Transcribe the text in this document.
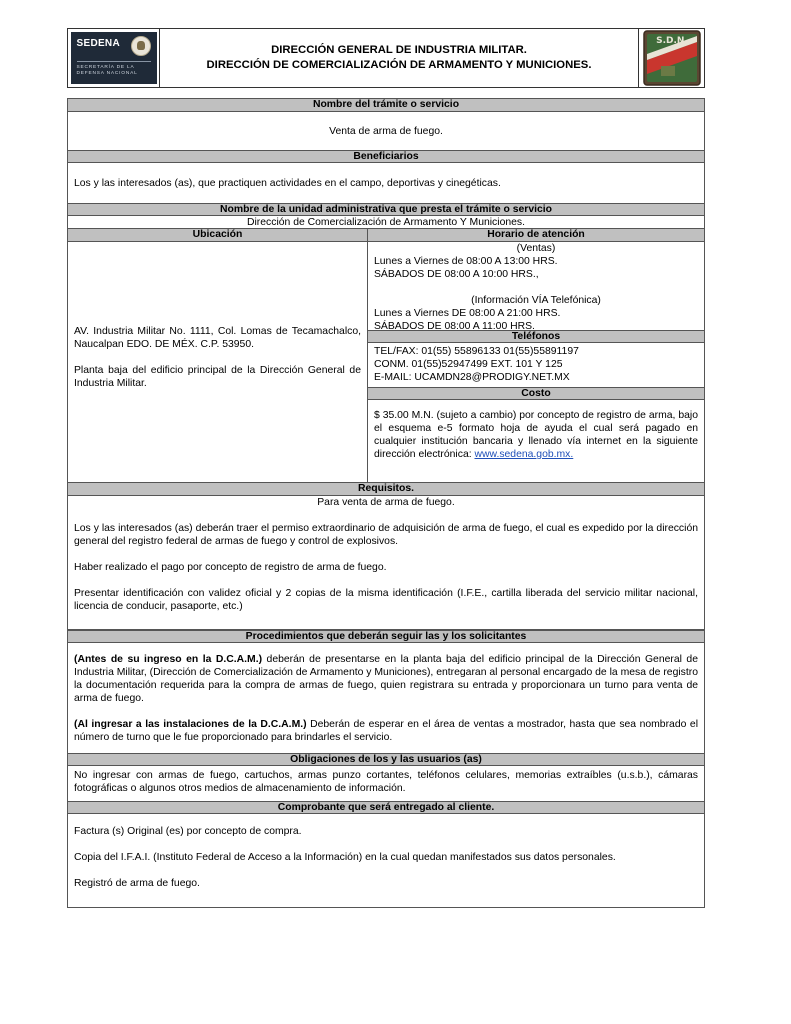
SEDENA
SECRETARÍA DE LA
DEFENSA NACIONAL
DIRECCIÓN GENERAL DE INDUSTRIA MILITAR.
DIRECCIÓN DE COMERCIALIZACIÓN DE ARMAMENTO Y MUNICIONES.
S.D.N.
Nombre del trámite o servicio
Venta de arma de fuego.
Beneficiarios
Los y las interesados (as), que practiquen actividades en el campo, deportivas y cinegéticas.
Nombre de la unidad administrativa que presta el trámite o servicio
Dirección de Comercialización de Armamento Y Municiones.
Ubicación

AV. Industria Militar No. 1111, Col. Lomas de Tecamachalco, Naucalpan EDO. DE MÉX. C.P. 53950.

Planta baja del edificio principal de la Dirección General de Industria Militar.

Horario de atención

(Ventas)

Lunes a Viernes de 08:00 A 13:00 HRS.

SÁBADOS DE 08:00 A 10:00 HRS.,

(Información VÍA Telefónica)

Lunes a Viernes DE 08:00 A 21:00 HRS.

SÁBADOS DE 08:00 A 11:00 HRS.

Teléfonos

TEL/FAX: 01(55) 55896133 01(55)55891197

CONM. 01(55)52947499 EXT. 101 Y 125

E-MAIL: UCAMDN28@PRODIGY.NET.MX

Costo
$ 35.00 M.N. (sujeto a cambio) por concepto de registro de arma, bajo el esquema e-5 formato hoja de ayuda el cual será pagado en cualquier institución bancaria y llenado vía internet en la siguiente dirección electrónica: www.sedena.gob.mx.
Requisitos.

Para venta de arma de fuego.

Los y las interesados (as) deberán traer el permiso extraordinario de adquisición de arma de fuego, el cual es expedido por la dirección general del registro federal de armas de fuego y control de explosivos.

Haber realizado el pago por concepto de registro de arma de fuego.

Presentar identificación con validez oficial y 2 copias de la misma identificación (I.F.E., cartilla liberada del servicio militar nacional, licencia de conducir, pasaporte, etc.)

Procedimientos que deberán seguir las y los solicitantes

(Antes de su ingreso en la D.C.A.M.) deberán de presentarse en la planta baja del edificio principal de la Dirección General de Industria Militar, (Dirección de Comercialización de Armamento y Municiones), entregaran al personal encargado de la mesa de registro la documentación requerida para la compra de armas de fuego, quien registrara su entrada y proporcionara un turno para venta de arma de fuego.

(Al ingresar a las instalaciones de la D.C.A.M.) Deberán de esperar en el área de ventas a mostrador, hasta que sea nombrado el número de turno que le fue proporcionado para brindarles el servicio.

Obligaciones de los y las usuarios (as)
No ingresar con armas de fuego, cartuchos, armas punzo cortantes, teléfonos celulares, memorias extraíbles (u.s.b.), cámaras fotográficas o algunos otros medios de almacenamiento de información.
Comprobante que será entregado al cliente.

Factura (s) Original (es) por concepto de compra.

Copia del I.F.A.I. (Instituto Federal de Acceso a la Información) en la cual quedan manifestados sus datos personales.

Registró de arma de fuego.
